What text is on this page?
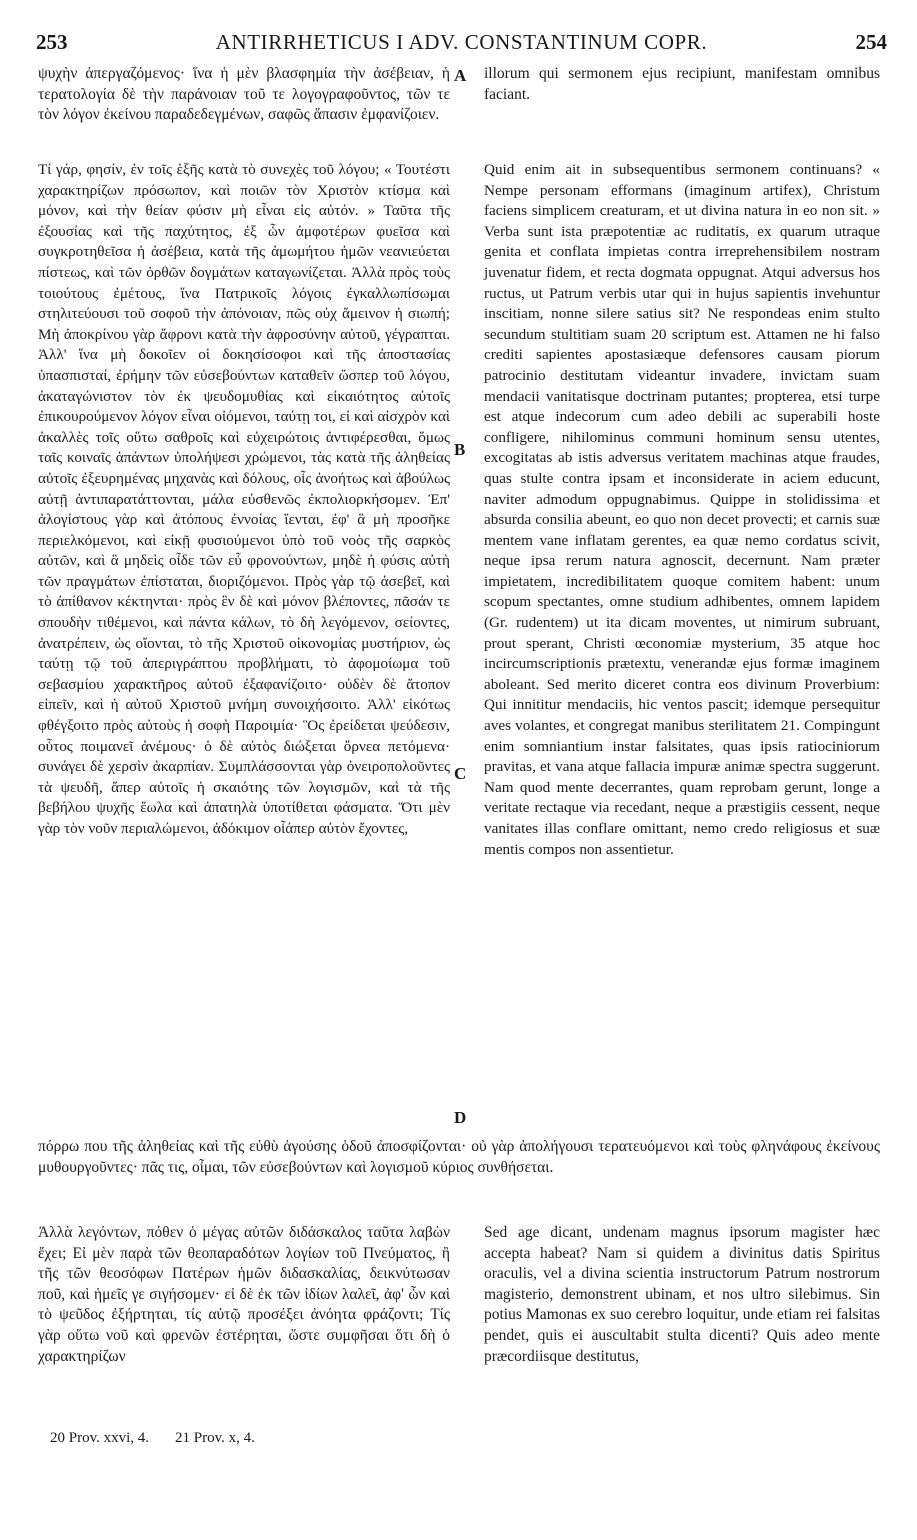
253	ANTIRRHETICUS I ADV. CONSTANTINUM COPR.	254
A
B
C
D

ψυχὴν ἀπεργαζόμενος· ἵνα ἡ μὲν βλασφημία τὴν ἀσέβειαν, ἡ τερατολογία δὲ τὴν παράνοιαν τοῦ τε λογογραφοῦντος, τῶν τε τὸν λόγον ἐκείνου παραδεδεγμένων, σαφῶς ἅπασιν ἐμφανίζοιεν.

Τί γάρ, φησίν, ἐν τοῖς ἑξῆς κατὰ τὸ συνεχὲς τοῦ λόγου; « Τουτέστι χαρακτηρίζων πρόσωπον, καὶ ποιῶν τὸν Χριστὸν κτίσμα καὶ μόνον, καὶ τὴν θείαν φύσιν μὴ εἶναι εἰς αὐτόν. » Ταῦτα τῆς ἐξουσίας καὶ τῆς παχύτητος, ἐξ ὧν ἀμφοτέρων φυεῖσα καὶ συγκροτηθεῖσα ἡ ἀσέβεια, κατὰ τῆς ἀμωμήτου ἡμῶν νεανιεύεται πίστεως, καὶ τῶν ὀρθῶν δογμάτων καταγωνίζεται. Ἀλλὰ πρὸς τοὺς τοιούτους ἐμέτους, ἵνα Πατρικοῖς λόγοις ἐγκαλλωπίσωμαι στηλιτεύουσι τοῦ σοφοῦ τὴν ἀπόνοιαν, πῶς οὐχ ἄμεινον ἡ σιωπή; Μὴ ἀποκρίνου γὰρ ἄφρονι κατὰ τὴν ἀφροσύνην αὐτοῦ, γέγραπται. Ἀλλ' ἵνα μὴ δοκοῖεν οἱ δοκησίσοφοι καὶ τῆς ἀποστασίας ὑπασπισταί, ἐρήμην τῶν εὐσεβούντων καταθεῖν ὥσπερ τοῦ λόγου, ἀκαταγώνιστον τὸν ἐκ ψευδομυθίας καὶ εἰκαιότητος αὐτοῖς ἐπικουρούμενον λόγον εἶναι οἰόμενοι, ταύτῃ τοι, εἰ καὶ αἰσχρὸν καὶ ἀκαλλὲς τοῖς οὕτω σαθροῖς καὶ εὐχειρώτοις ἀντιφέρεσθαι, ὅμως ταῖς κοιναῖς ἁπάντων ὑπολήψεσι χρώμενοι, τὰς κατὰ τῆς ἀληθείας αὐτοῖς ἐξευρημένας μηχανὰς καὶ δόλους, οἷς ἀνοήτως καὶ ἀβούλως αὐτῇ ἀντιπαρατάττονται, μάλα εὐσθενῶς ἐκπολιορκήσομεν. Ἐπ' ἀλογίστους γὰρ καὶ ἀτόπους ἐννοίας ἵενται, ἐφ' ἃ μὴ προσῆκε περιελκόμενοι, καὶ εἰκῇ φυσιούμενοι ὑπὸ τοῦ νοὸς τῆς σαρκὸς αὐτῶν, καὶ ἃ μηδεὶς οἶδε τῶν εὖ φρονούντων, μηδὲ ἡ φύσις αὐτὴ τῶν πραγμάτων ἐπίσταται, διοριζόμενοι. Πρὸς γὰρ τῷ ἀσεβεῖ, καὶ τὸ ἀπίθανον κέκτηνται· πρὸς ἓν δὲ καὶ μόνον βλέποντες, πᾶσάν τε σπουδὴν τιθέμενοι, καὶ πάντα κάλων, τὸ δὴ λεγόμενον, σείοντες, ἀνατρέπειν, ὡς οἴονται, τὸ τῆς Χριστοῦ οἰκονομίας μυστήριον, ὡς ταύτῃ τῷ τοῦ ἀπεριγράπτου προβλήματι, τὸ ἀφομοίωμα τοῦ σεβασμίου χαρακτῆρος αὐτοῦ ἐξαφανίζοιτο· οὐδὲν δὲ ἄτοπον εἰπεῖν, καὶ ἡ αὐτοῦ Χριστοῦ μνήμη συνοιχήσοιτο. Ἀλλ' εἰκότως φθέγξοιτο πρὸς αὐτοὺς ἡ σοφὴ Παροιμία· Ὃς ἐρείδεται ψεύδεσιν, οὗτος ποιμανεῖ ἀνέμους· ὁ δὲ αὐτὸς διώξεται ὄρνεα πετόμενα· συνάγει δὲ χερσὶν ἀκαρπίαν. Συμπλάσσονται γὰρ ὀνειροπολοῦντες τὰ ψευδῆ, ἅπερ αὐτοῖς ἡ σκαιότης τῶν λογισμῶν, καὶ τὰ τῆς βεβήλου ψυχῆς ἕωλα καὶ ἀπατηλὰ ὑποτίθεται φάσματα. Ὅτι μὲν γὰρ τὸν νοῦν περιαλώμενοι, ἀδόκιμον οἷάπερ αὐτὸν ἔχοντες,

illorum qui sermonem ejus recipiunt, manifestam omnibus faciant.

Quid enim ait in subsequentibus sermonem continuans? « Nempe personam efformans (imaginum artifex), Christum faciens simplicem creaturam, et ut divina natura in eo non sit. » Verba sunt ista præpotentiæ ac ruditatis, ex quarum utraque genita et conflata impietas contra irreprehensibilem nostram juvenatur fidem, et recta dogmata oppugnat. Atqui adversus hos ructus, ut Patrum verbis utar qui in hujus sapientis invehuntur inscitiam, nonne silere satius sit? Ne respondeas enim stulto secundum stultitiam suam 20 scriptum est. Attamen ne hi falso crediti sapientes apostasiæque defensores causam piorum patrocinio destitutam videantur invadere, invictam suam mendacii vanitatisque doctrinam putantes; propterea, etsi turpe est atque indecorum cum adeo debili ac superabili hoste confligere, nihilominus communi hominum sensu utentes, excogitatas ab istis adversus veritatem machinas atque fraudes, quas stulte contra ipsam et inconsiderate in aciem educunt, naviter admodum oppugnabimus. Quippe in stolidissima et absurda consilia abeunt, eo quo non decet provecti; et carnis suæ mentem vane inflatam gerentes, ea quæ nemo cordatus scivit, neque ipsa rerum natura agnoscit, decernunt. Nam præter impietatem, incredibilitatem quoque comitem habent: unum scopum spectantes, omne studium adhibentes, omnem lapidem (Gr. rudentem) ut ita dicam moventes, ut nimirum subruant, prout sperant, Christi œconomiæ mysterium, 35 atque hoc incircumscriptionis prætextu, venerandæ ejus formæ imaginem aboleant. Sed merito diceret contra eos divinum Proverbium: Qui innititur mendaciis, hic ventos pascit; idemque persequitur aves volantes, et congregat manibus sterilitatem 21. Compingunt enim somniantium instar falsitates, quas ipsis ratiociniorum pravitas, et vana atque fallacia impuræ animæ spectra suggerunt. Nam quod mente decerrantes, quam reprobam gerunt, longe a veritate rectaque via recedant, neque a præstigiis cessent, neque vanitates illas conflare omittant, nemo credo religiosus et suæ mentis compos non assentietur.

πόρρω που τῆς ἀληθείας καὶ τῆς εὐθὺ ἀγούσης ὁδοῦ ἀποσφίζονται· οὐ γὰρ ἀπολήγουσι τερατευόμενοι καὶ τοὺς φληνάφους ἐκείνους μυθουργοῦντες· πᾶς τις, οἶμαι, τῶν εὐσεβούντων καὶ λογισμοῦ κύριος συνθήσεται.

Ἀλλὰ λεγόντων, πόθεν ὁ μέγας αὐτῶν διδάσκαλος ταῦτα λαβὼν ἔχει; Εἰ μὲν παρὰ τῶν θεοπαραδότων λογίων τοῦ Πνεύματος, ἢ τῆς τῶν θεοσόφων Πατέρων ἡμῶν διδασκαλίας, δεικνύτωσαν ποῦ, καὶ ἡμεῖς γε σιγήσομεν· εἰ δὲ ἐκ τῶν ἰδίων λαλεῖ, ἀφ' ὧν καὶ τὸ ψεῦδος ἐξήρτηται, τίς αὐτῷ προσέξει ἀνόητα φράζοντι; Τίς γὰρ οὕτω νοῦ καὶ φρενῶν ἐστέρηται, ὥστε συμφῆσαι ὅτι δὴ ὁ χαρακτηρίζων

Sed age dicant, undenam magnus ipsorum magister hæc accepta habeat? Nam si quidem a divinitus datis Spiritus oraculis, vel a divina scientia instructorum Patrum nostrorum magisterio, demonstrent ubinam, et nos ultro silebimus. Sin potius Mamonas ex suo cerebro loquitur, unde etiam rei falsitas pendet, quis ei auscultabit stulta dicenti? Quis adeo mente præcordiisque destitutus,

20 Prov. xxvi, 4. 21 Prov. x, 4.
